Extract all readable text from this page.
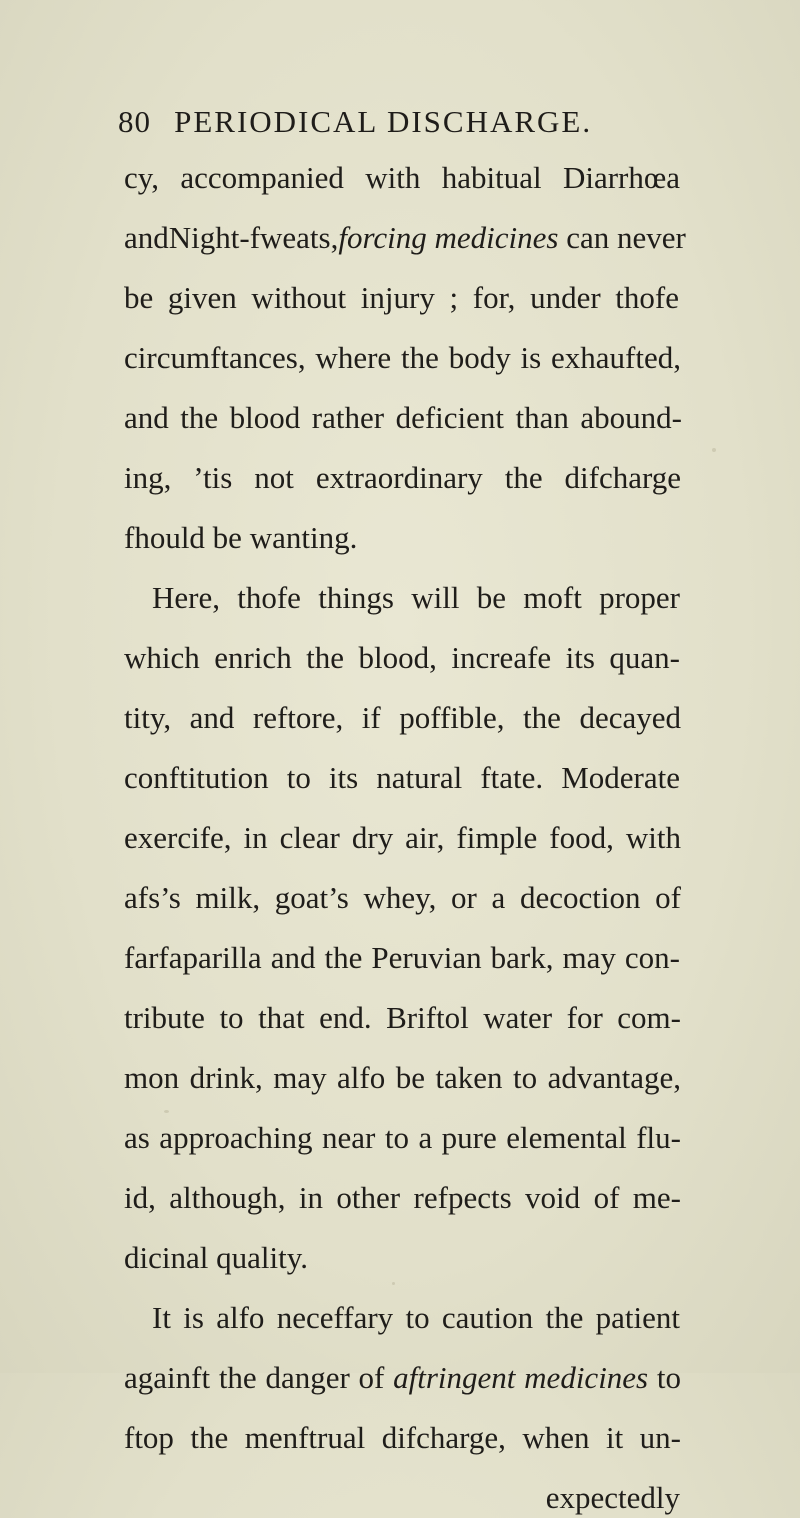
80 PERIODICAL DISCHARGE.
cy, accompanied with habitual Diarrhœa
andNight-fweats,forcing medicines can never
be given without injury ; for, under thofe
circumftances, where the body is exhaufted,
and the blood rather deficient than abound-
ing, ’tis not extraordinary the difcharge
fhould be wanting.
Here, thofe things will be moft proper
which enrich the blood, increafe its quan-
tity, and reftore, if poffible, the decayed
conftitution to its natural ftate. Moderate
exercife, in clear dry air, fimple food, with
afs’s milk, goat’s whey, or a decoction of
farfaparilla and the Peruvian bark, may con-
tribute to that end. Briftol water for com-
mon drink, may alfo be taken to advantage,
as approaching near to a pure elemental flu-
id, although, in other refpects void of me-
dicinal quality.
It is alfo neceffary to caution the patient
againft the danger of aftringent medicines to
ftop the menftrual difcharge, when it un-
expectedly
